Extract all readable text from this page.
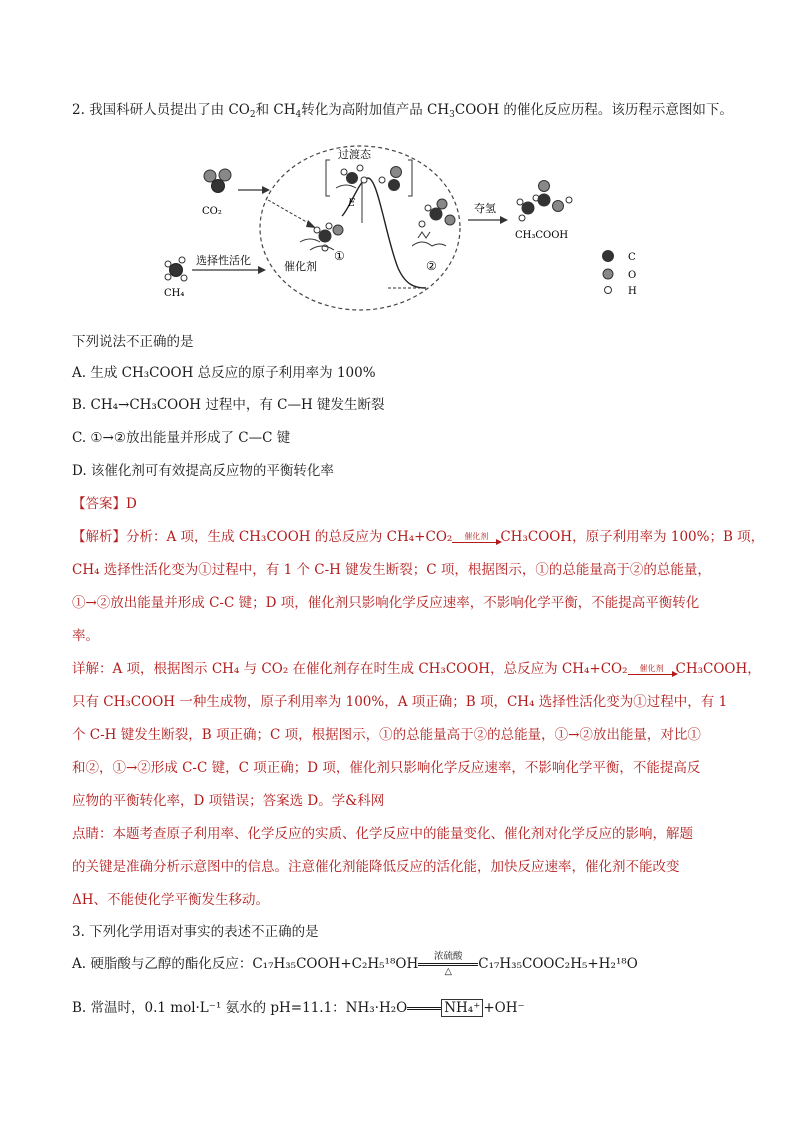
2. 我国科研人员提出了由 $CO_2$和 $CH_4$转化为高附加值产品 $CH_3COOH$ 的催化反应历程。该历程示意图如下。
CO₂
CH₄
选择性活化	催化剂
①
E
过渡态
②
夺氢
CH₃COOH
C
O
H
下列说法不正确的是
A. 生成 CH₃COOH 总反应的原子利用率为 100%
B. CH₄→CH₃COOH 过程中，有 C—H 键发生断裂
C. ①→②放出能量并形成了 C—C 键
D. 该催化剂可有效提高反应物的平衡转化率
【答案】D
【解析】分析：A 项，生成 CH₃COOH 的总反应为 CH₄+CO₂	催化剂 CH₃COOH，原子利用率为 100%；B 项，
CH₄ 选择性活化变为①过程中，有 1 个 C-H 键发生断裂；C 项，根据图示，①的总能量高于②的总能量，
①→②放出能量并形成 C-C 键；D 项，催化剂只影响化学反应速率，不影响化学平衡，不能提高平衡转化
率。
详解：A 项，根据图示 CH₄ 与 CO₂ 在催化剂存在时生成 CH₃COOH，总反应为 CH₄+CO₂	催化剂 CH₃COOH，
只有 CH₃COOH 一种生成物，原子利用率为 100%，A 项正确；B 项，CH₄ 选择性活化变为①过程中，有 1
个 C-H 键发生断裂，B 项正确；C 项，根据图示，①的总能量高于②的总能量，①→②放出能量，对比①
和②，①→②形成 C-C 键，C 项正确；D 项，催化剂只影响化学反应速率，不影响化学平衡，不能提高反
应物的平衡转化率，D 项错误；答案选 D。学&科网
点睛：本题考查原子利用率、化学反应的实质、化学反应中的能量变化、催化剂对化学反应的影响，解题
的关键是准确分析示意图中的信息。注意催化剂能降低反应的活化能，加快反应速率，催化剂不能改变
ΔH、不能使化学平衡发生移动。
3. 下列化学用语对事实的表述不正确的是
A. 硬脂酸与乙醇的酯化反应：C₁₇H₃₅COOH+C₂H₅¹⁸OH	浓硫酸
△	C₁₇H₃₅COOC₂H₅+H₂¹⁸O
B. 常温时，0.1 mol·L⁻¹ 氨水的 pH=11.1：NH₃·H₂O	NH₄⁺ +OH⁻
